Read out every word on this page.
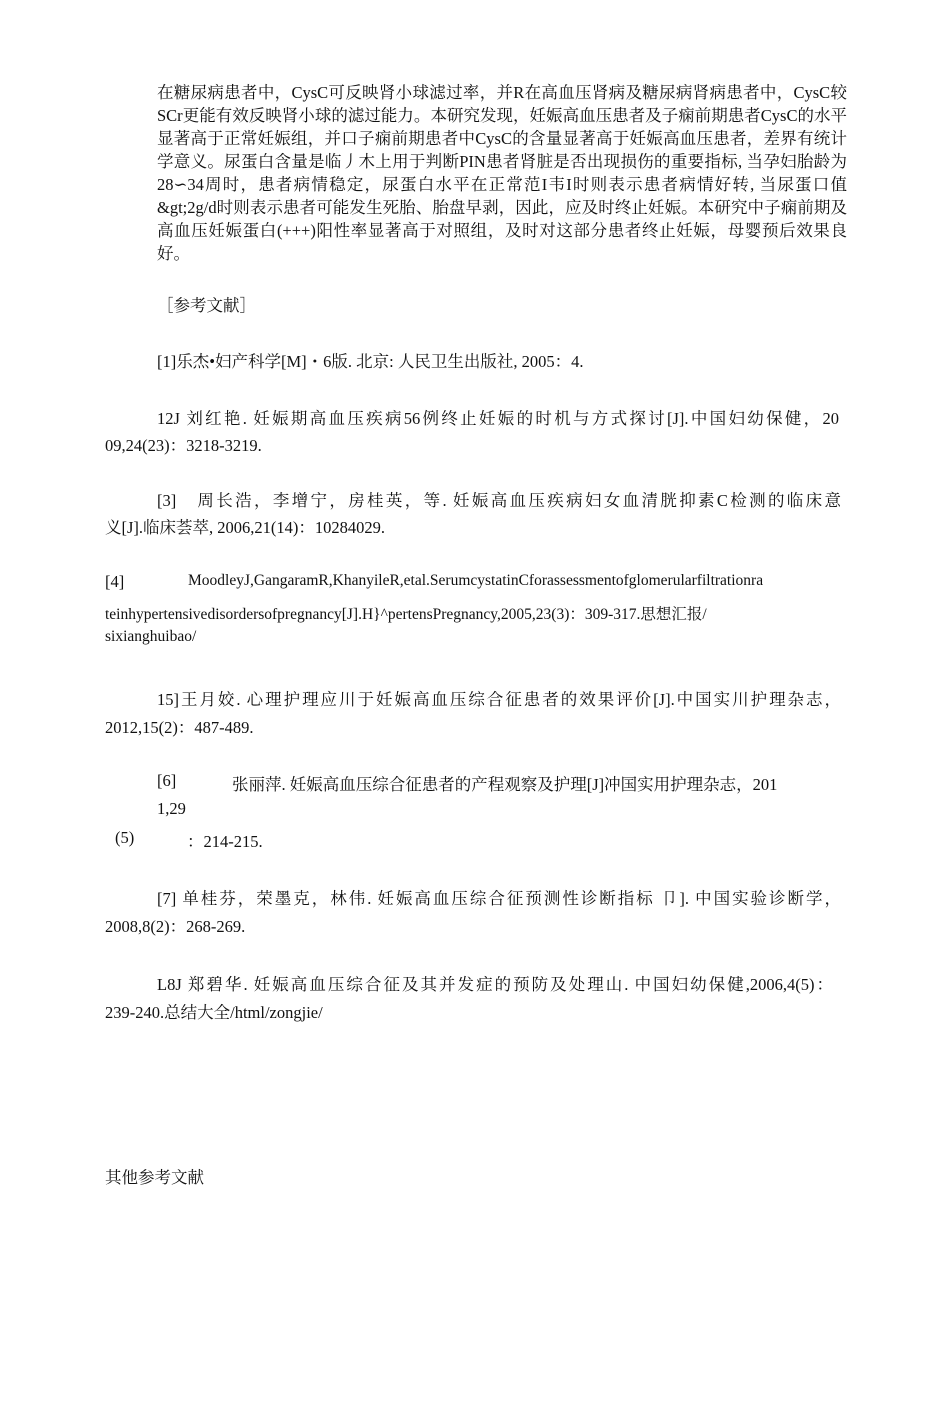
在糖尿病患者中，CysC可反映肾小球滤过率，并R在高血压肾病及糖尿病肾病患者中，CysC较SCr更能有效反映肾小球的滤过能力。本研究发现，妊娠高血压患者及子痫前期患者CysC的水平显著高于正常妊娠组，并口子痫前期患者中CysC的含量显著高于妊娠高血压患者，差界有统计学意义。尿蛋白含量是临丿木上用于判断PIN患者肾脏是否出现损伤的重要指标, 当孕妇胎龄为28∽34周时，患者病情稳定，尿蛋白水平在正常范I韦I时则表示患者病情好转, 当尿蛋口值&gt;2g/d时则表示患者可能发生死胎、胎盘早剥，因此，应及时终止妊娠。本研究中子痫前期及高血压妊娠蛋白(+++)阳性率显著高于对照组，及时对这部分患者终止妊娠，母婴预后效果良好。

［参考文献］

[1]乐杰•妇产科学[M]・6版. 北京: 人民卫生出版社, 2005：4.

12J 刘红艳. 妊娠期高血压疾病56例终止妊娠的时机与方式探讨[J].中国妇幼保健，20

09,24(23)：3218-3219.

[3]　周长浩，李增宁，房桂英，等. 妊娠高血压疾病妇女血清胱抑素C检测的临床意

义[J].临床荟萃, 2006,21(14)：10284029.

[4]	MoodleyJ,GangaramR,KhanyileR,etal.SerumcystatinCforassessmentofglomerularfiltrationra

teinhypertensivedisordersofpregnancy[J].H}^pertensPregnancy,2005,23(3)：309-317.思想汇报/

sixianghuibao/

15]王月姣. 心理护理应川于妊娠高血压综合征患者的效果评价[J].中国实川护理杂志，

2012,15(2)：487-489.

[6]	张丽萍. 妊娠高血压综合征患者的产程观察及护理[J]冲国实用护理杂志，201

1,29

(5)	：214-215.

[7] 单桂芬，荣墨克，林伟. 妊娠高血压综合征预测性诊断指标 卩]. 中国实验诊断学，

2008,8(2)：268-269.

L8J 郑碧华. 妊娠高血压综合征及其并发症的预防及处理山. 中国妇幼保健,2006,4(5)：

239-240.总结大全/html/zongjie/

其他参考文献
